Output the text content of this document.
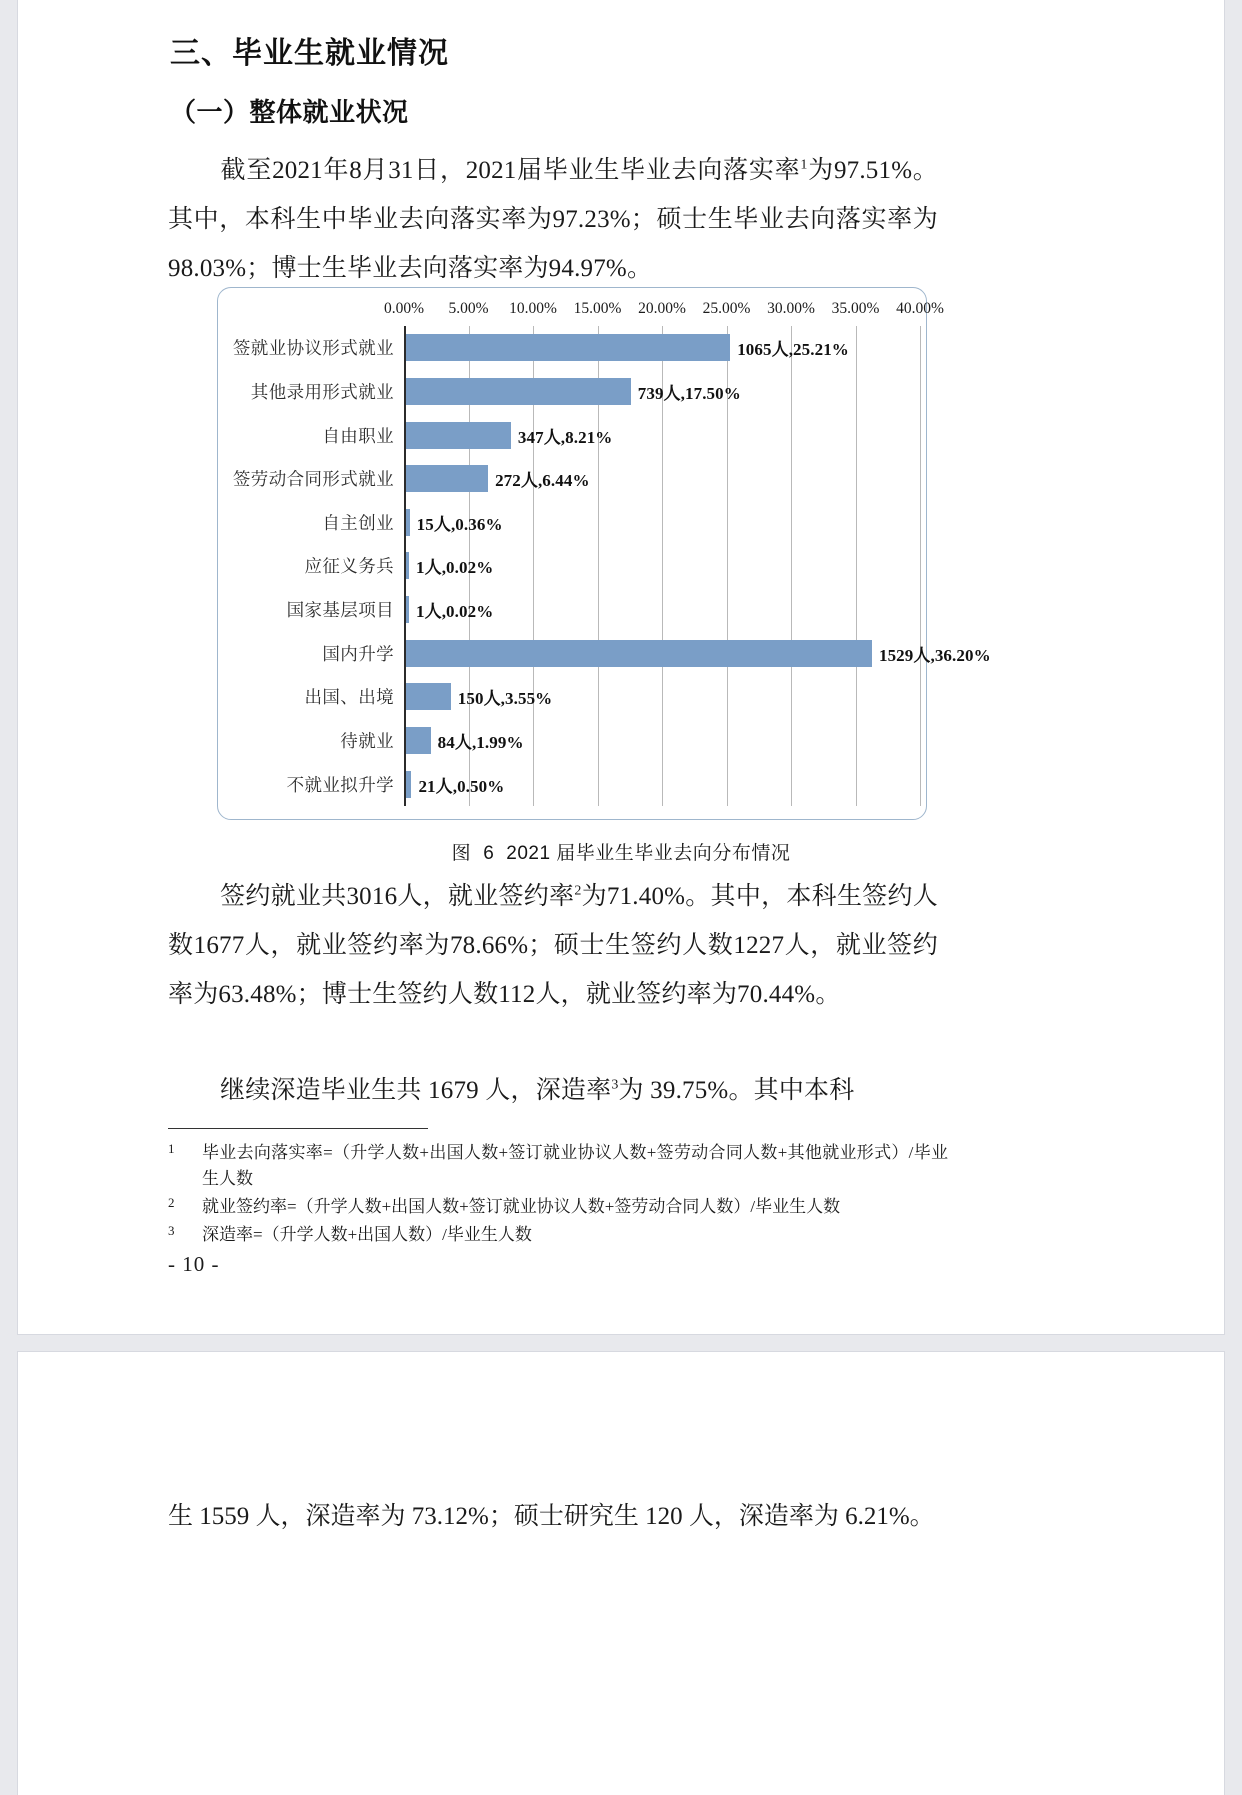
三、毕业生就业情况
（一）整体就业状况
截至2021年8月31日，2021届毕业生毕业去向落实率$^1$为97.51%。其中，本科生中毕业去向落实率为97.23%；硕士生毕业去向落实率为98.03%；博士生毕业去向落实率为94.97%。
0.00% 5.00% 10.00% 15.00% 20.00% 25.00% 30.00% 35.00% 40.00%
签就业协议形式就业	1065人,25.21%
其他录用形式就业	739人,17.50%
自由职业	347人,8.21%
签劳动合同形式就业	272人,6.44%
自主创业 15人,0.36%
应征义务兵 1人,0.02%
国家基层项目 1人,0.02%
国内升学	1529人,36.20%
出国、出境	150人,3.55%
待就业	84人,1.99%
不就业拟升学 21人,0.50%
图 6 2021 届毕业生毕业去向分布情况
签约就业共3016人，就业签约率$^2$为71.40%。其中，本科生签约人数1677人，就业签约率为78.66%；硕士生签约人数1227人，就业签约率为63.48%；博士生签约人数112人，就业签约率为70.44%。
继续深造毕业生共 1679 人，深造率$^3$为 39.75%。其中本科
1 毕业去向落实率=（升学人数+出国人数+签订就业协议人数+签劳动合同人数+其他就业形式）/毕业生人数
2 就业签约率=（升学人数+出国人数+签订就业协议人数+签劳动合同人数）/毕业生人数
3 深造率=（升学人数+出国人数）/毕业生人数
- 10 -
生 1559 人，深造率为 73.12%；硕士研究生 120 人，深造率为 6.21%。
